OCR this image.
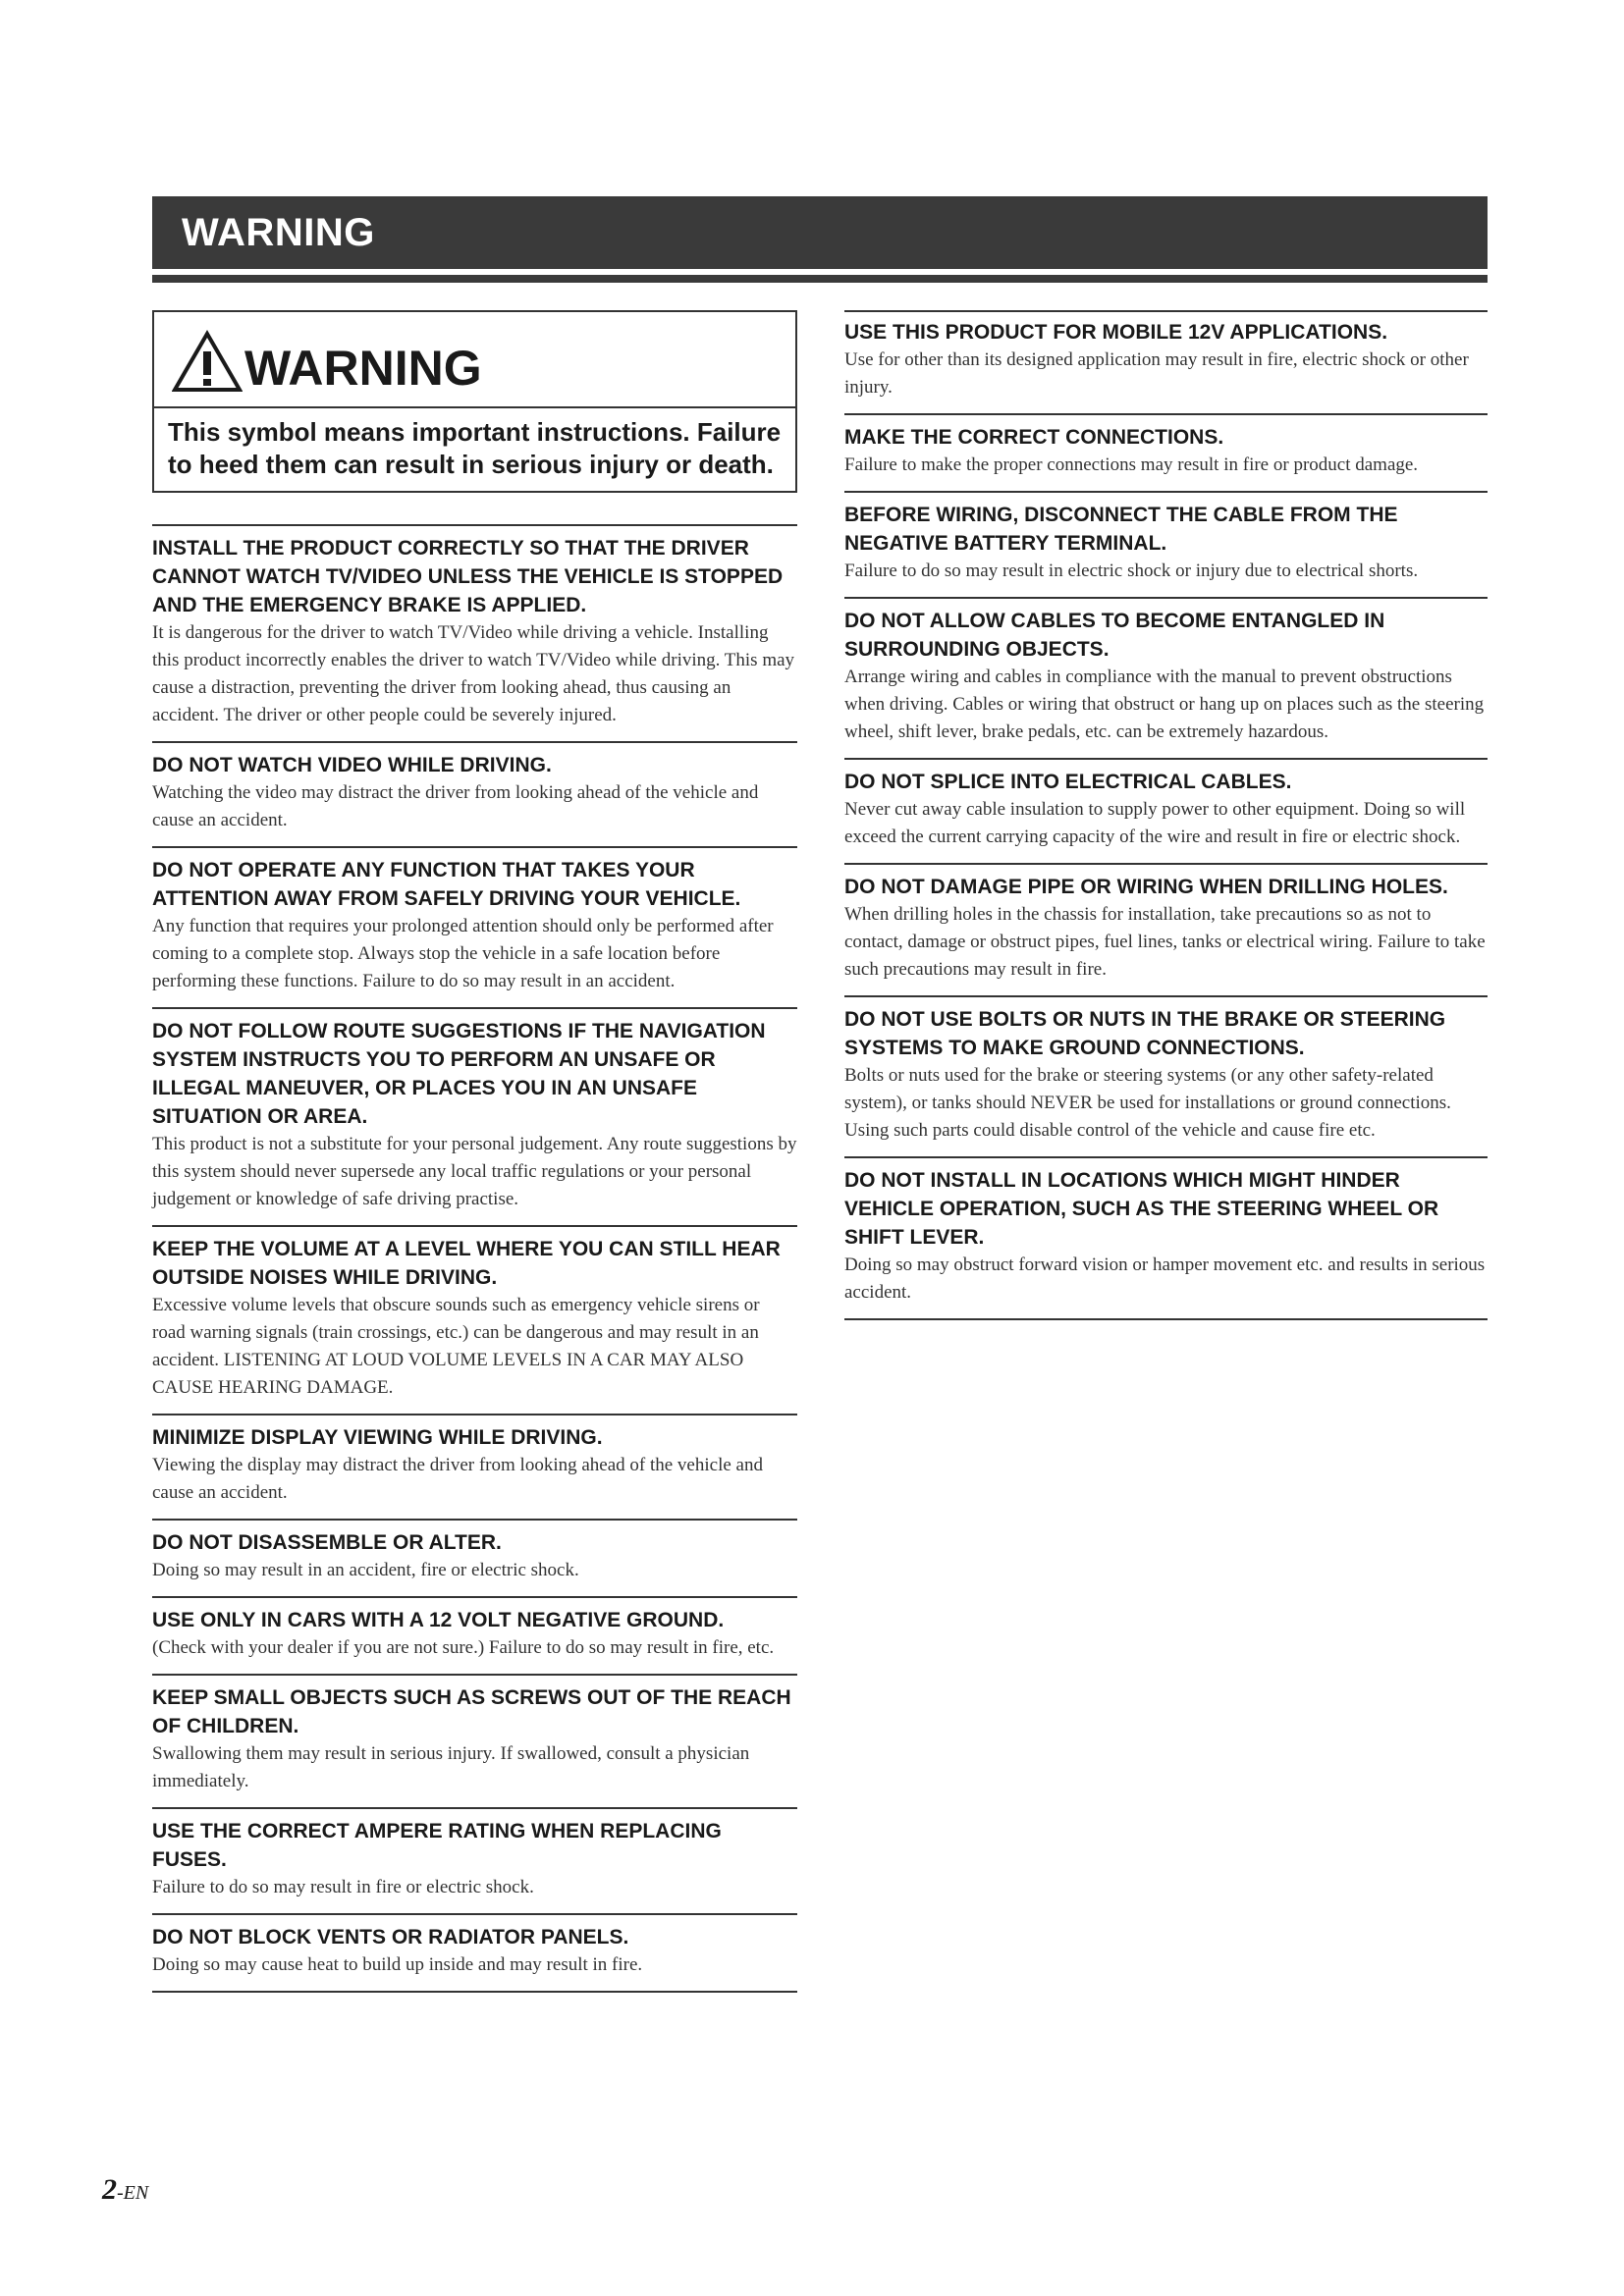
WARNING
WARNING
This symbol means important instructions. Failure to heed them can result in serious injury or death.
INSTALL THE PRODUCT CORRECTLY SO THAT THE DRIVER CANNOT WATCH TV/VIDEO UNLESS THE VEHICLE IS STOPPED AND THE EMERGENCY BRAKE IS APPLIED.

It is dangerous for the driver to watch TV/Video while driving a vehicle. Installing this product incorrectly enables the driver to watch TV/Video while driving. This may cause a distraction, preventing the driver from looking ahead, thus causing an accident. The driver or other people could be severely injured.

DO NOT WATCH VIDEO WHILE DRIVING.

Watching the video may distract the driver from looking ahead of the vehicle and cause an accident.

DO NOT OPERATE ANY FUNCTION THAT TAKES YOUR ATTENTION AWAY FROM SAFELY DRIVING YOUR VEHICLE.

Any function that requires your prolonged attention should only be performed after coming to a complete stop. Always stop the vehicle in a safe location before performing these functions. Failure to do so may result in an accident.

DO NOT FOLLOW ROUTE SUGGESTIONS IF THE NAVIGATION SYSTEM INSTRUCTS YOU TO PERFORM AN UNSAFE OR ILLEGAL MANEUVER, OR PLACES YOU IN AN UNSAFE SITUATION OR AREA.

This product is not a substitute for your personal judgement. Any route suggestions by this system should never supersede any local traffic regulations or your personal judgement or knowledge of safe driving practise.

KEEP THE VOLUME AT A LEVEL WHERE YOU CAN STILL HEAR OUTSIDE NOISES WHILE DRIVING.

Excessive volume levels that obscure sounds such as emergency vehicle sirens or road warning signals (train crossings, etc.) can be dangerous and may result in an accident. LISTENING AT LOUD VOLUME LEVELS IN A CAR MAY ALSO CAUSE HEARING DAMAGE.

MINIMIZE DISPLAY VIEWING WHILE DRIVING.

Viewing the display may distract the driver from looking ahead of the vehicle and cause an accident.

DO NOT DISASSEMBLE OR ALTER.

Doing so may result in an accident, fire or electric shock.

USE ONLY IN CARS WITH A 12 VOLT NEGATIVE GROUND.

(Check with your dealer if you are not sure.) Failure to do so may result in fire, etc.

KEEP SMALL OBJECTS SUCH AS SCREWS OUT OF THE REACH OF CHILDREN.

Swallowing them may result in serious injury. If swallowed, consult a physician immediately.

USE THE CORRECT AMPERE RATING WHEN REPLACING FUSES.

Failure to do so may result in fire or electric shock.

DO NOT BLOCK VENTS OR RADIATOR PANELS.

Doing so may cause heat to build up inside and may result in fire.

USE THIS PRODUCT FOR MOBILE 12V APPLICATIONS.

Use for other than its designed application may result in fire, electric shock or other injury.

MAKE THE CORRECT CONNECTIONS.

Failure to make the proper connections may result in fire or product damage.

BEFORE WIRING, DISCONNECT THE CABLE FROM THE NEGATIVE BATTERY TERMINAL.

Failure to do so may result in electric shock or injury due to electrical shorts.

DO NOT ALLOW CABLES TO BECOME ENTANGLED IN SURROUNDING OBJECTS.

Arrange wiring and cables in compliance with the manual to prevent obstructions when driving. Cables or wiring that obstruct or hang up on places such as the steering wheel, shift lever, brake pedals, etc. can be extremely hazardous.

DO NOT SPLICE INTO ELECTRICAL CABLES.

Never cut away cable insulation to supply power to other equipment. Doing so will exceed the current carrying capacity of the wire and result in fire or electric shock.

DO NOT DAMAGE PIPE OR WIRING WHEN DRILLING HOLES.

When drilling holes in the chassis for installation, take precautions so as not to contact, damage or obstruct pipes, fuel lines, tanks or electrical wiring. Failure to take such precautions may result in fire.

DO NOT USE BOLTS OR NUTS IN THE BRAKE OR STEERING SYSTEMS TO MAKE GROUND CONNECTIONS.

Bolts or nuts used for the brake or steering systems (or any other safety-related system), or tanks should NEVER be used for installations or ground connections. Using such parts could disable control of the vehicle and cause fire etc.

DO NOT INSTALL IN LOCATIONS WHICH MIGHT HINDER VEHICLE OPERATION, SUCH AS THE STEERING WHEEL OR SHIFT LEVER.

Doing so may obstruct forward vision or hamper movement etc. and results in serious accident.

2-EN
